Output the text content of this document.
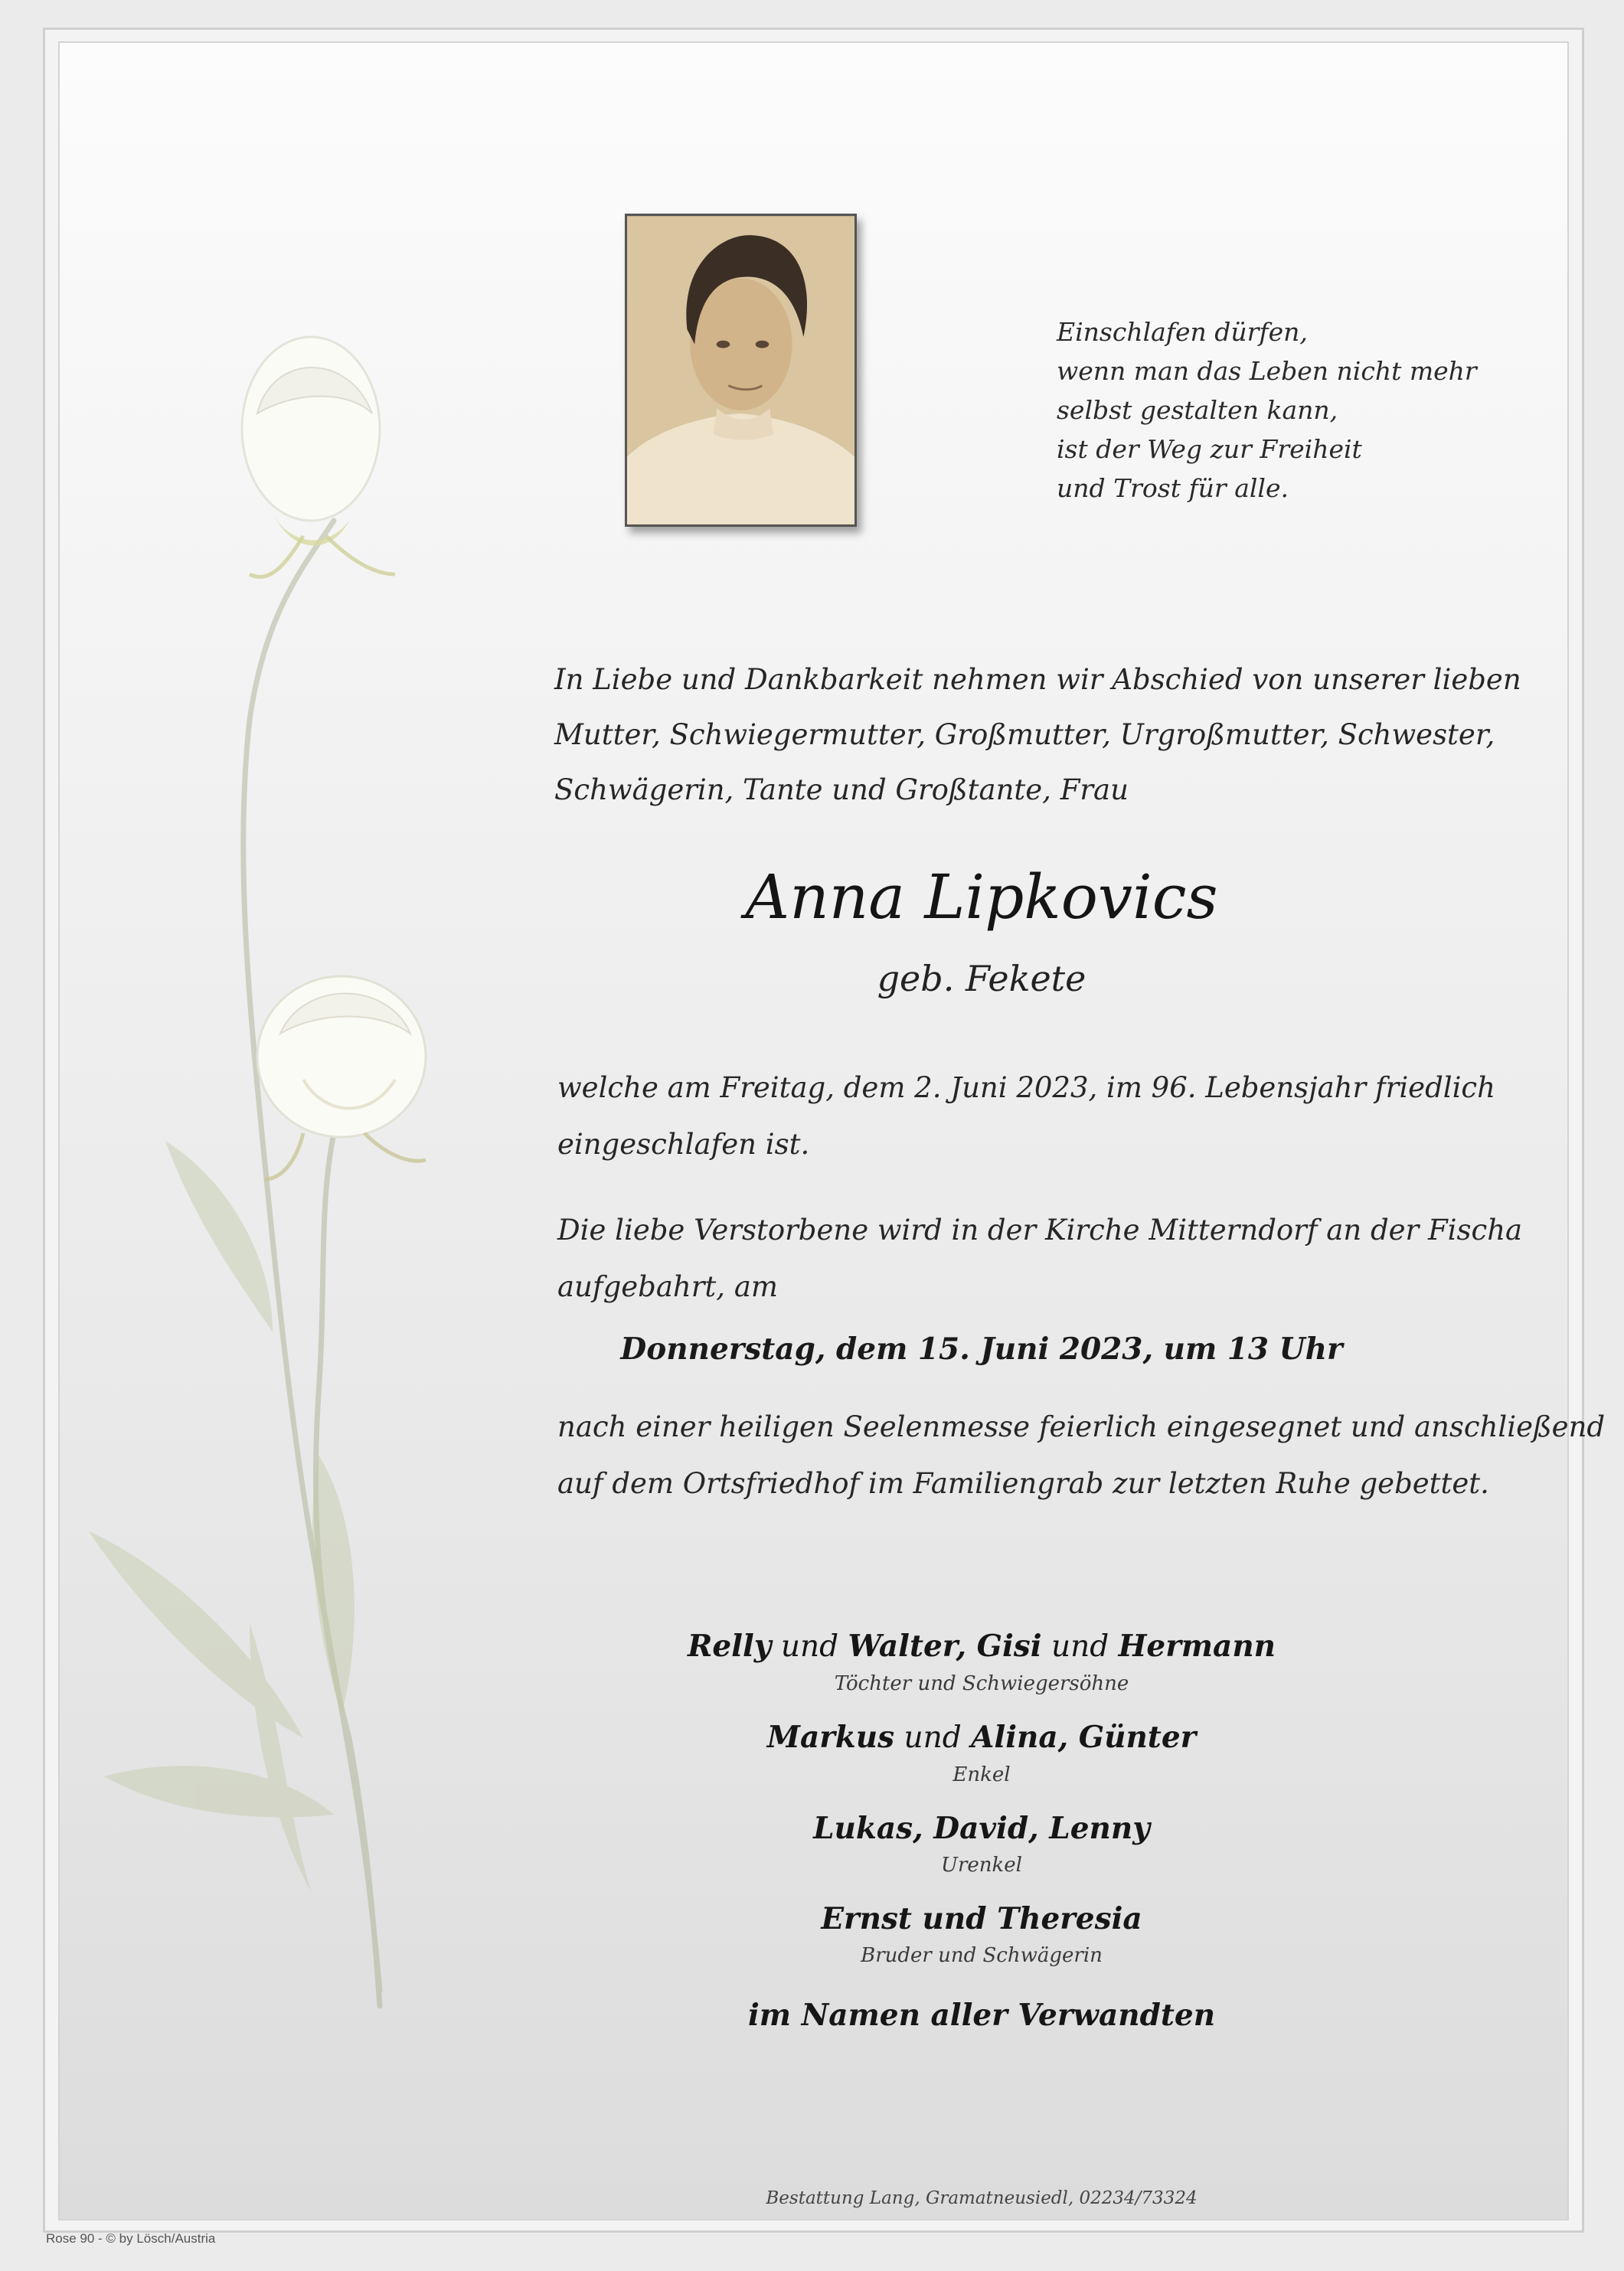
Einschlafen dürfen,
wenn man das Leben nicht mehr
selbst gestalten kann,
ist der Weg zur Freiheit
und Trost für alle.
In Liebe und Dankbarkeit nehmen wir Abschied von unserer lieben
Mutter, Schwiegermutter, Großmutter, Urgroßmutter, Schwester,
Schwägerin, Tante und Großtante, Frau
Anna Lipkovics
geb. Fekete
welche am Freitag, dem 2. Juni 2023, im 96. Lebensjahr friedlich
eingeschlafen ist.
Die liebe Verstorbene wird in der Kirche Mitterndorf an der Fischa
aufgebahrt, am
Donnerstag, dem 15. Juni 2023, um 13 Uhr
nach einer heiligen Seelenmesse feierlich eingesegnet und anschließend
auf dem Ortsfriedhof im Familiengrab zur letzten Ruhe gebettet.
Relly und Walter, Gisi und Hermann
Töchter und Schwiegersöhne
Markus und Alina, Günter
Enkel
Lukas, David, Lenny
Urenkel
Ernst und Theresia
Bruder und Schwägerin
im Namen aller Verwandten
Bestattung Lang, Gramatneusiedl, 02234/73324
Rose 90 - © by Lösch/Austria
